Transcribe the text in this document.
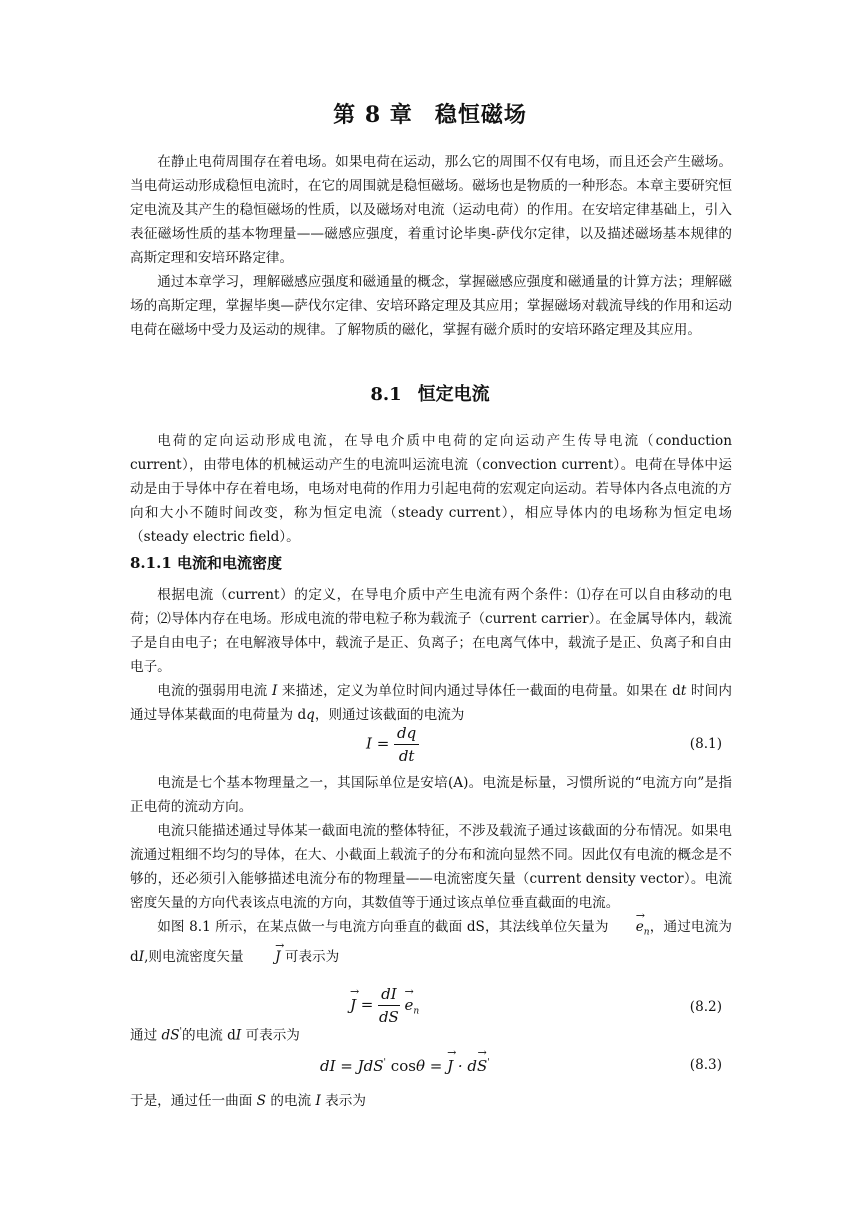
第 8 章 稳恒磁场

在静止电荷周围存在着电场。如果电荷在运动，那么它的周围不仅有电场，而且还会产生磁场。当电荷运动形成稳恒电流时，在它的周围就是稳恒磁场。磁场也是物质的一种形态。本章主要研究恒定电流及其产生的稳恒磁场的性质，以及磁场对电流（运动电荷）的作用。在安培定律基础上，引入表征磁场性质的基本物理量——磁感应强度，着重讨论毕奥-萨伐尔定律，以及描述磁场基本规律的高斯定理和安培环路定律。

通过本章学习，理解磁感应强度和磁通量的概念，掌握磁感应强度和磁通量的计算方法；理解磁场的高斯定理，掌握毕奥—萨伐尔定律、安培环路定理及其应用；掌握磁场对载流导线的作用和运动电荷在磁场中受力及运动的规律。了解物质的磁化，掌握有磁介质时的安培环路定理及其应用。

8.1 恒定电流

电荷的定向运动形成电流，在导电介质中电荷的定向运动产生传导电流（conduction current），由带电体的机械运动产生的电流叫运流电流（convection current）。电荷在导体中运动是由于导体中存在着电场，电场对电荷的作用力引起电荷的宏观定向运动。若导体内各点电流的方向和大小不随时间改变，称为恒定电流（steady current），相应导体内的电场称为恒定电场（steady electric field）。

8.1.1 电流和电流密度

根据电流（current）的定义，在导电介质中产生电流有两个条件：⑴存在可以自由移动的电荷；⑵导体内存在电场。形成电流的带电粒子称为载流子（current carrier）。在金属导体内，载流子是自由电子；在电解液导体中，载流子是正、负离子；在电离气体中，载流子是正、负离子和自由电子。

电流的强弱用电流 I 来描述，定义为单位时间内通过导体任一截面的电荷量。如果在 dt 时间内通过导体某截面的电荷量为 dq，则通过该截面的电流为

$I = \frac{dq}{dt}$	(8.1)

电流是七个基本物理量之一，其国际单位是安培(A)。电流是标量，习惯所说的“电流方向”是指正电荷的流动方向。

电流只能描述通过导体某一截面电流的整体特征，不涉及载流子通过该截面的分布情况。如果电流通过粗细不均匀的导体，在大、小截面上载流子的分布和流向显然不同。因此仅有电流的概念是不够的，还必须引入能够描述电流分布的物理量——电流密度矢量（current density vector）。电流密度矢量的方向代表该点电流的方向，其数值等于通过该点单位垂直截面的电流。

如图 8.1 所示，在某点做一与电流方向垂直的截面 dS，其法线单位矢量为→ $e_n$，通过电流为 dI,则电流密度矢量 → J 可表示为

→ $J = \frac{dI}{dS}$
→ $e_n$	(8.2)

通过 dS'的电流 dI 可表示为

dI = JdS' cosθ = → J · d→ S'	(8.3)

于是，通过任一曲面 S 的电流 I 表示为
